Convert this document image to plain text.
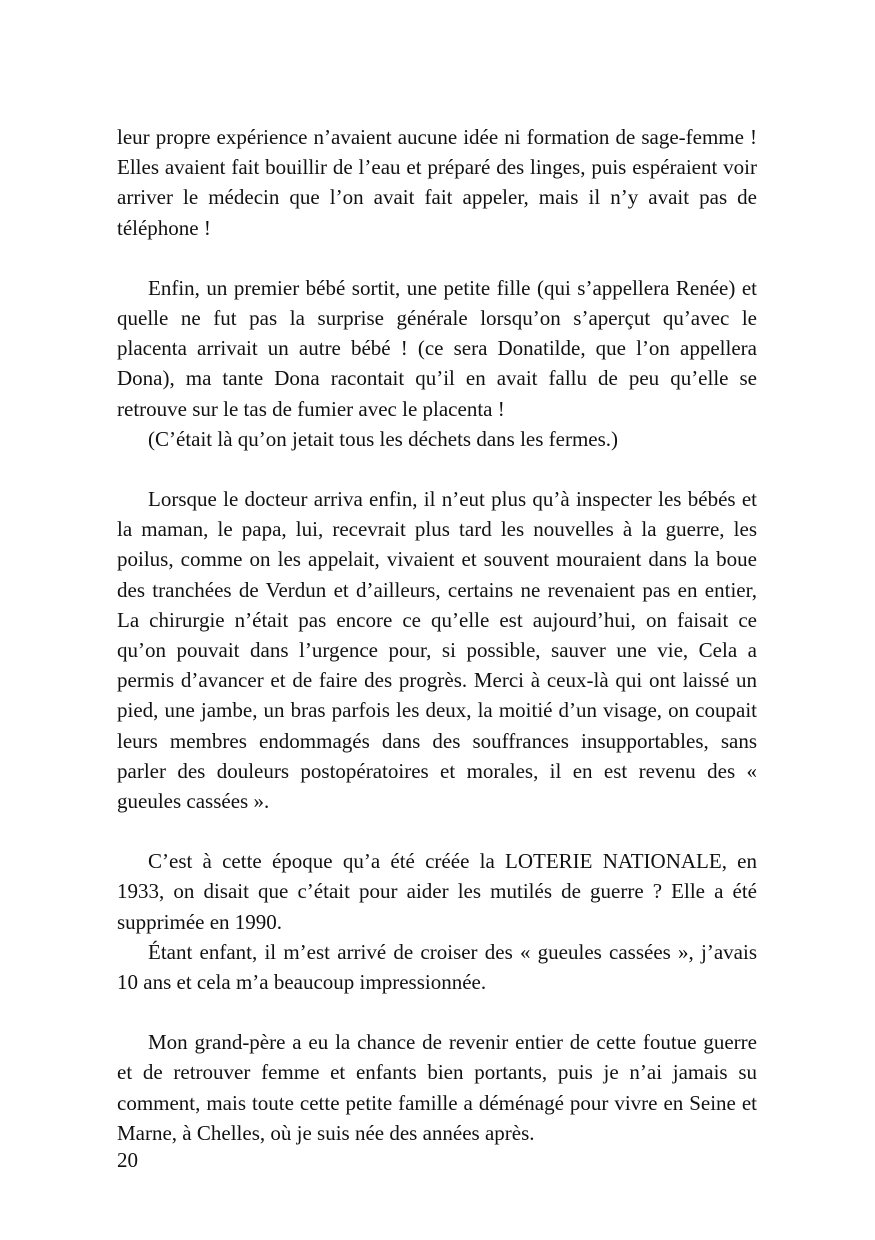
leur propre expérience n’avaient aucune idée ni formation de sage-femme ! Elles avaient fait bouillir de l’eau et préparé des linges, puis espéraient voir arriver le médecin que l’on avait fait appeler, mais il n’y avait pas de téléphone !

Enfin, un premier bébé sortit, une petite fille (qui s’appellera Renée) et quelle ne fut pas la surprise générale lorsqu’on s’aperçut qu’avec le placenta arrivait un autre bébé ! (ce sera Donatilde, que l’on appellera Dona), ma tante Dona racontait qu’il en avait fallu de peu qu’elle se retrouve sur le tas de fumier avec le placenta !

(C’était là qu’on jetait tous les déchets dans les fermes.)

Lorsque le docteur arriva enfin, il n’eut plus qu’à inspecter les bébés et la maman, le papa, lui, recevrait plus tard les nouvelles à la guerre, les poilus, comme on les appelait, vivaient et souvent mouraient dans la boue des tranchées de Verdun et d’ailleurs, certains ne revenaient pas en entier, La chirurgie n’était pas encore ce qu’elle est aujourd’hui, on faisait ce qu’on pouvait dans l’urgence pour, si possible, sauver une vie, Cela a permis d’avancer et de faire des progrès. Merci à ceux-là qui ont laissé un pied, une jambe, un bras parfois les deux, la moitié d’un visage, on coupait leurs membres endommagés dans des souffrances insupportables, sans parler des douleurs postopératoires et morales, il en est revenu des « gueules cassées ».

C’est à cette époque qu’a été créée la LOTERIE NATIONALE, en 1933, on disait que c’était pour aider les mutilés de guerre ? Elle a été supprimée en 1990.

Étant enfant, il m’est arrivé de croiser des « gueules cassées », j’avais 10 ans et cela m’a beaucoup impressionnée.

Mon grand-père a eu la chance de revenir entier de cette foutue guerre et de retrouver femme et enfants bien portants, puis je n’ai jamais su comment, mais toute cette petite famille a déménagé pour vivre en Seine et Marne, à Chelles, où je suis née des années après.

20
